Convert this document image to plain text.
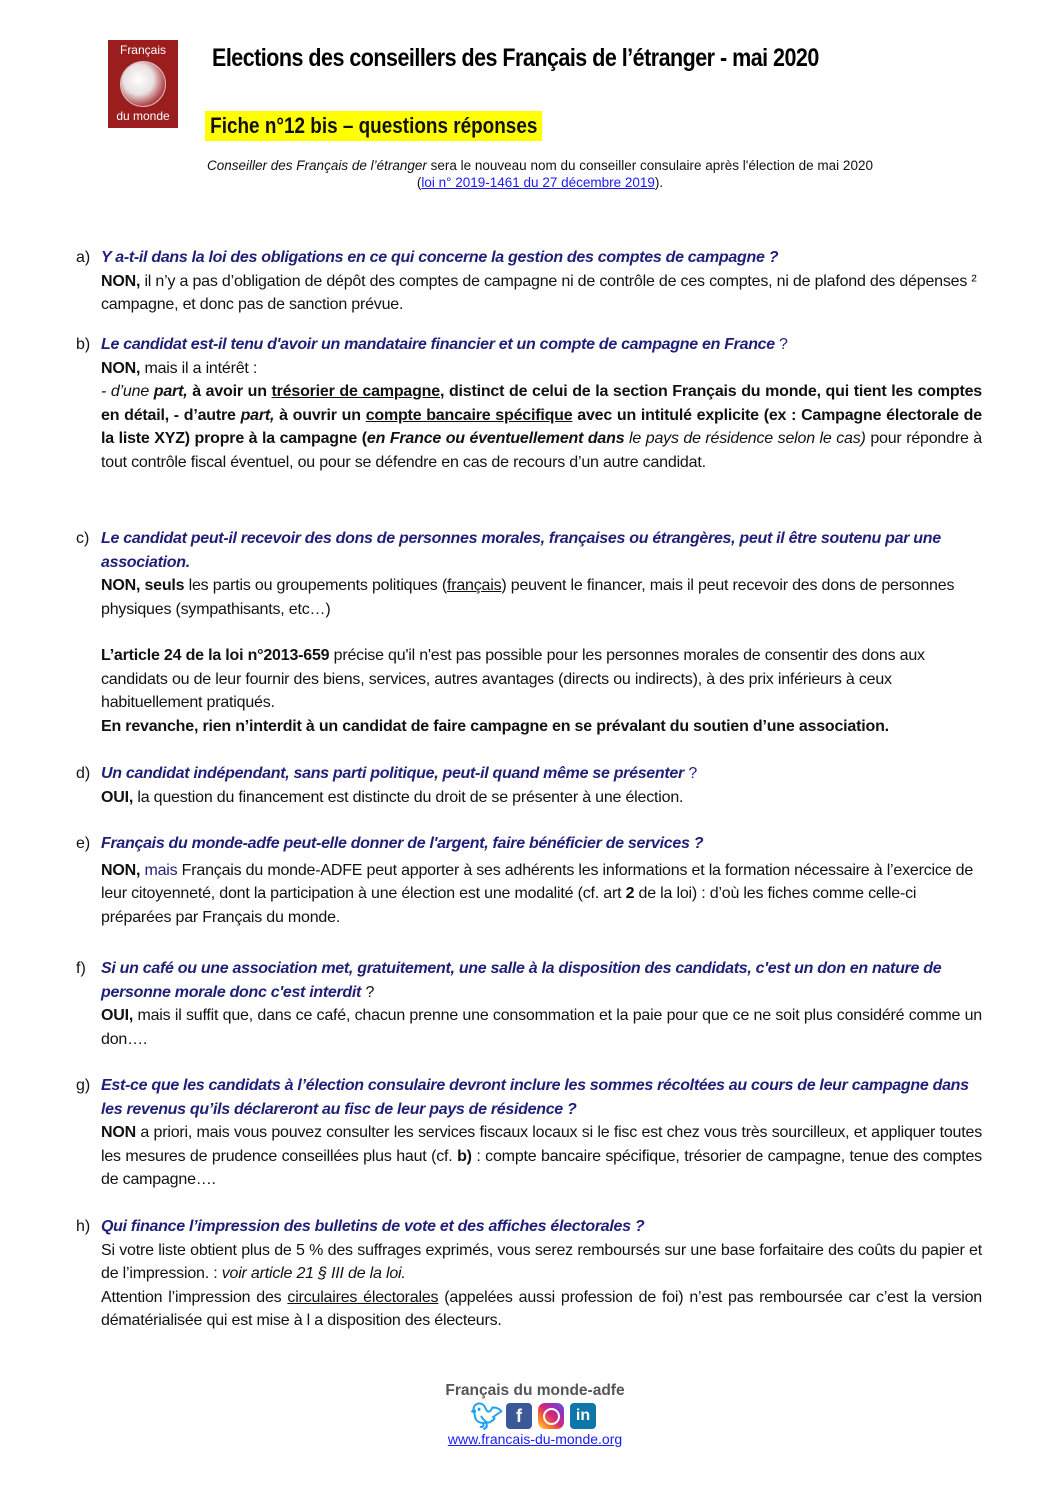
Français
du monde
Elections des conseillers des Français de l’étranger - mai 2020
Fiche n°12 bis – questions réponses
Conseiller des Français de l’étranger sera le nouveau nom du conseiller consulaire après l'élection de mai 2020
(loi n° 2019-1461 du 27 décembre 2019).
a) Y a-t-il dans la loi des obligations en ce qui concerne la gestion des comptes de campagne ?
NON, il n’y a pas d’obligation de dépôt des comptes de campagne ni de contrôle de ces comptes, ni de plafond des dépenses ² campagne, et donc pas de sanction prévue.
b) Le candidat est-il tenu d'avoir un mandataire financier et un compte de campagne en France ?
NON, mais il a intérêt :
- d’une part, à avoir un trésorier de campagne, distinct de celui de la section Français du monde, qui tient les comptes en détail, - d’autre part, à ouvrir un compte bancaire spécifique avec un intitulé explicite (ex : Campagne électorale de la liste XYZ) propre à la campagne (en France ou éventuellement dans le pays de résidence selon le cas) pour répondre à tout contrôle fiscal éventuel, ou pour se défendre en cas de recours d’un autre candidat.
c) Le candidat peut-il recevoir des dons de personnes morales, françaises ou étrangères, peut il être soutenu par une association.
NON, seuls les partis ou groupements politiques (français) peuvent le financer, mais il peut recevoir des dons de personnes physiques (sympathisants, etc…)
L’article 24 de la loi n°2013-659 précise qu'il n'est pas possible pour les personnes morales de consentir des dons aux candidats ou de leur fournir des biens, services, autres avantages (directs ou indirects), à des prix inférieurs à ceux habituellement pratiqués.
En revanche, rien n’interdit à un candidat de faire campagne en se prévalant du soutien d’une association.
d) Un candidat indépendant, sans parti politique, peut-il quand même se présenter ?
OUI, la question du financement est distincte du droit de se présenter à une élection.
e) Français du monde-adfe peut-elle donner de l'argent, faire bénéficier de services ?
NON, mais Français du monde-ADFE peut apporter à ses adhérents les informations et la formation nécessaire à l’exercice de leur citoyenneté, dont la participation à une élection est une modalité (cf. art 2 de la loi) : d’où les fiches comme celle-ci préparées par Français du monde.
f) Si un café ou une association met, gratuitement, une salle à la disposition des candidats, c'est un don en nature de personne morale donc c'est interdit ?
OUI, mais il suffit que, dans ce café, chacun prenne une consommation et la paie pour que ce ne soit plus considéré comme un don….
g) Est-ce que les candidats à l’élection consulaire devront inclure les sommes récoltées au cours de leur campagne dans les revenus qu’ils déclareront au fisc de leur pays de résidence ?
NON a priori, mais vous pouvez consulter les services fiscaux locaux si le fisc est chez vous très sourcilleux, et appliquer toutes les mesures de prudence conseillées plus haut (cf. b) : compte bancaire spécifique, trésorier de campagne, tenue des comptes de campagne….
h) Qui finance l’impression des bulletins de vote et des affiches électorales ?
Si votre liste obtient plus de 5 % des suffrages exprimés, vous serez remboursés sur une base forfaitaire des coûts du papier et de l’impression. : voir article 21 § III de la loi.
Attention l’impression des circulaires électorales (appelées aussi profession de foi) n’est pas remboursée car c’est la version dématérialisée qui est mise à l a disposition des électeurs.
Français du monde-adfe
🐦︎ f	in
www.francais-du-monde.org
